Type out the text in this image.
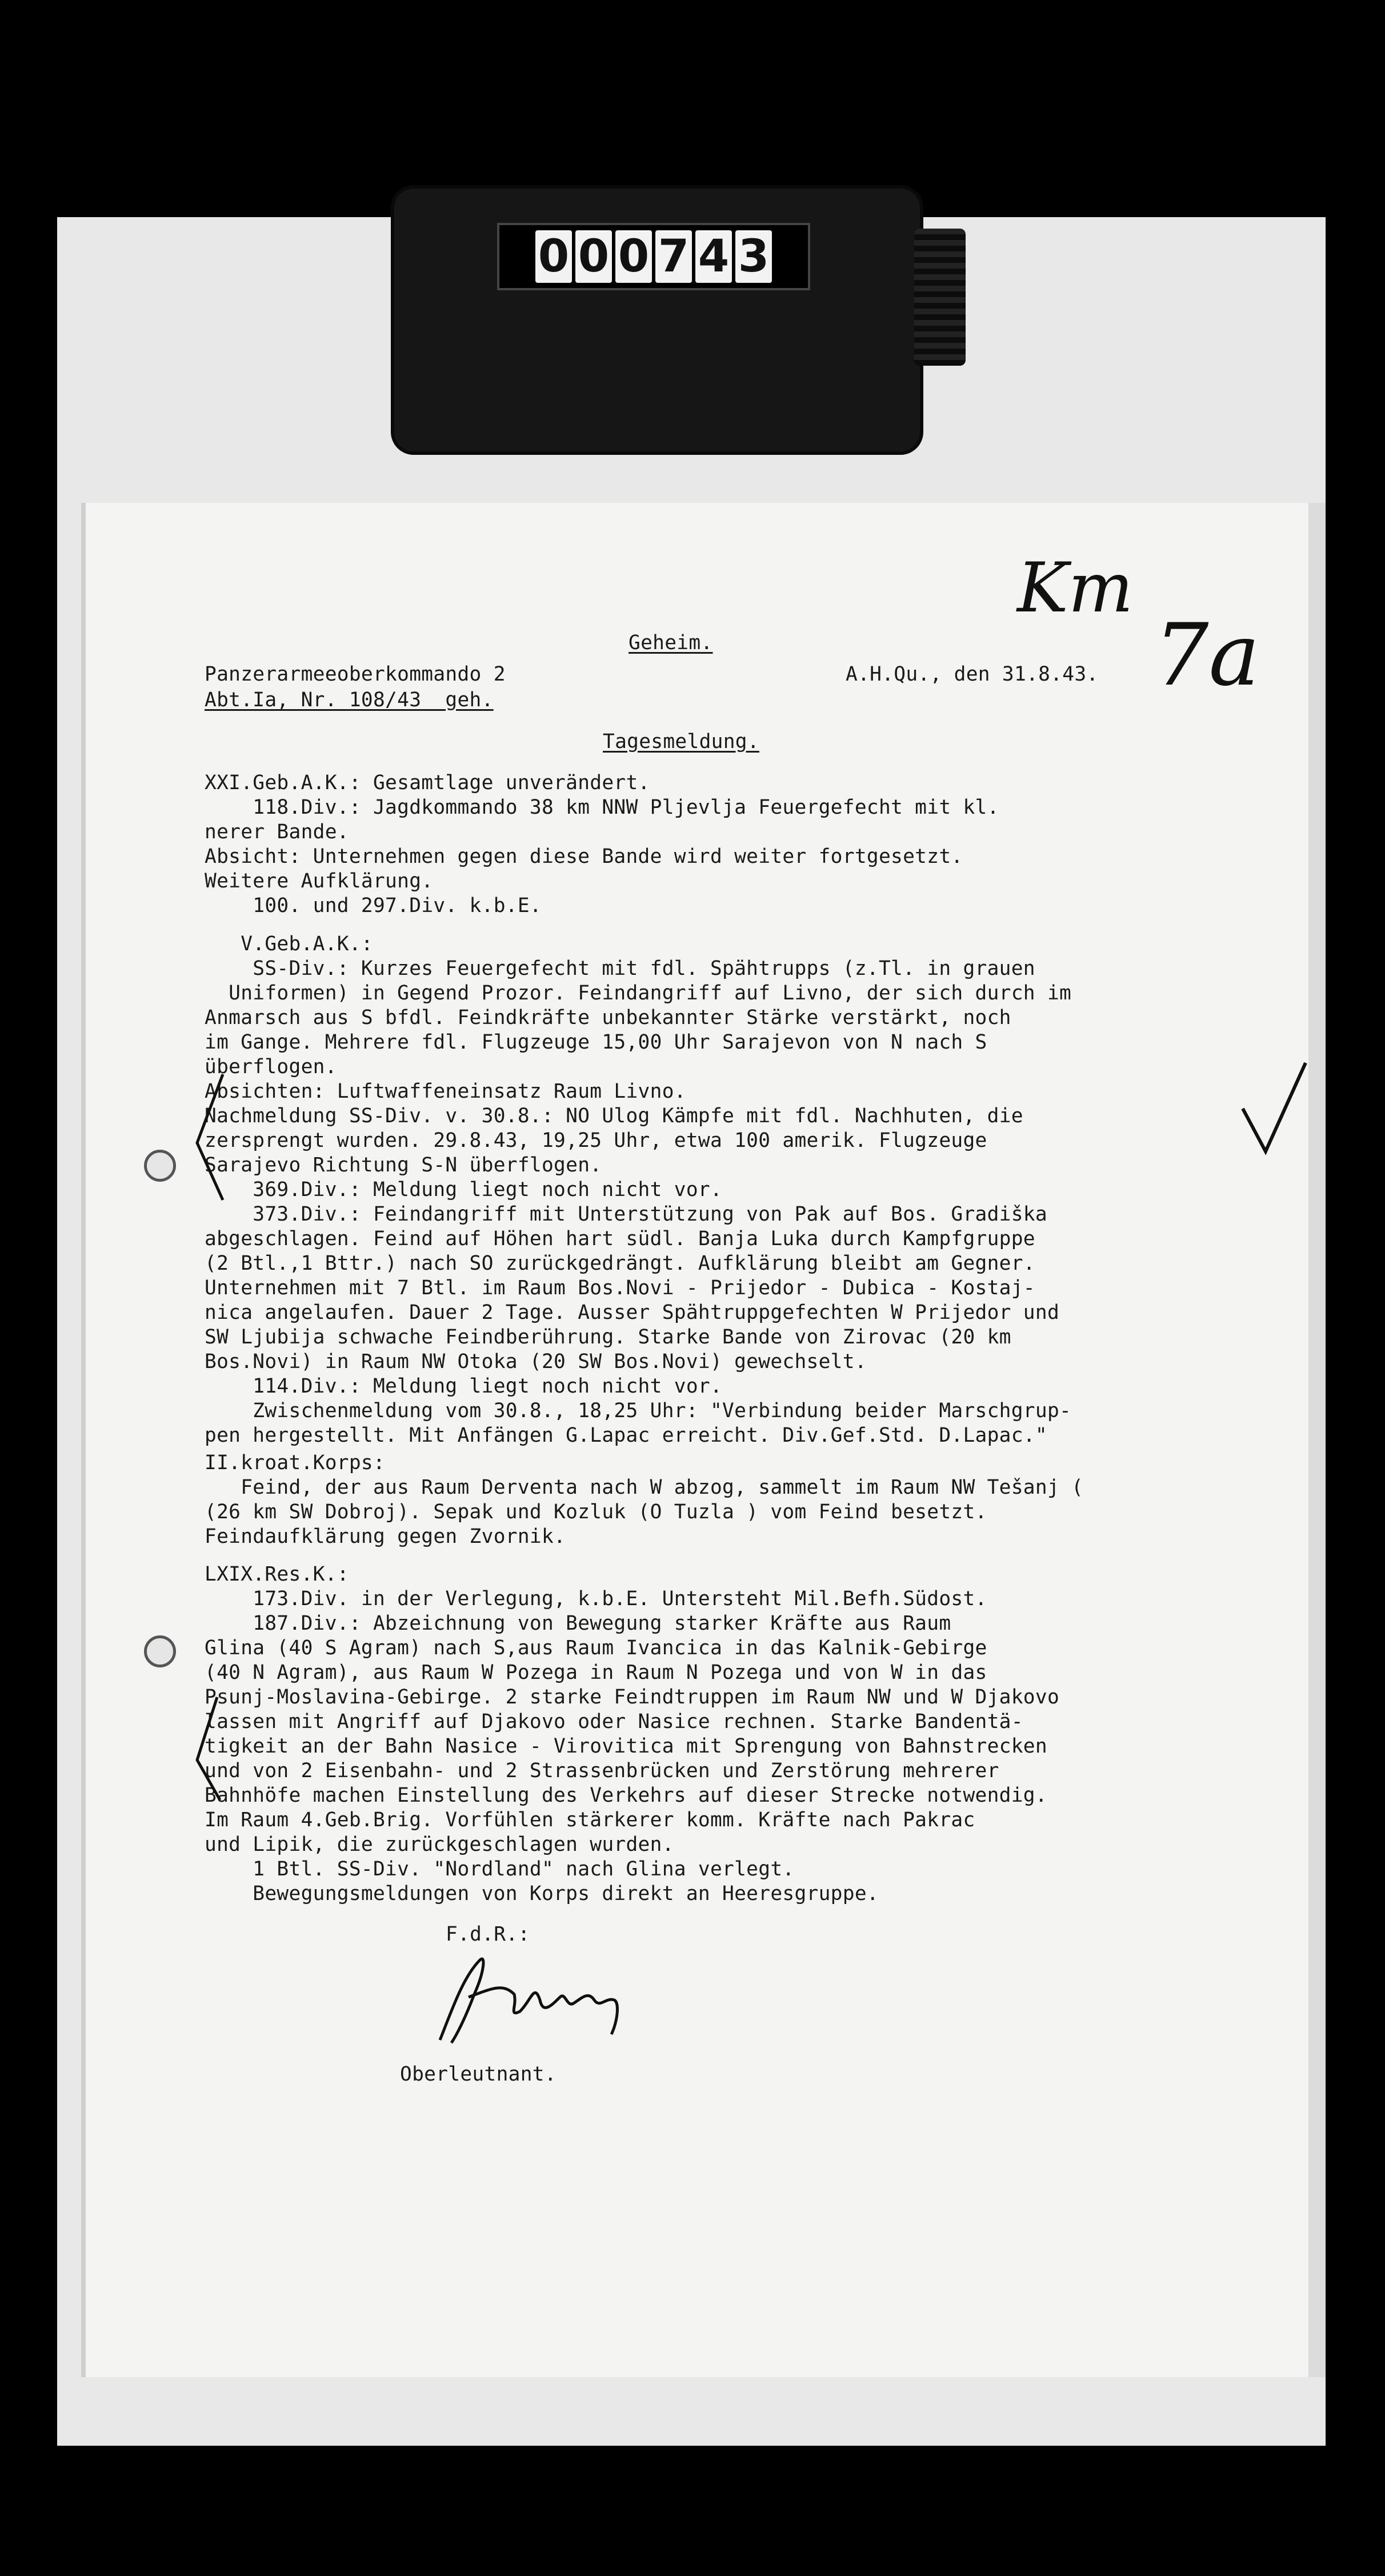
0 0 0 7 4 3
Geheim.
Panzerarmeeoberkommando 2
Abt.Ia, Nr. 108/43  geh.
A.H.Qu., den 31.8.43.
Tagesmeldung.
Km
7a
XXI.Geb.A.K.: Gesamtlage unverändert.
118.Div.: Jagdkommando 38 km NNW Pljevlja Feuergefecht mit kl.
nerer Bande.
Absicht: Unternehmen gegen diese Bande wird weiter fortgesetzt.
Weitere Aufklärung.
100. und 297.Div. k.b.E.
V.Geb.A.K.:
SS-Div.: Kurzes Feuergefecht mit fdl. Spähtrupps (z.Tl. in grauen
Uniformen) in Gegend Prozor. Feindangriff auf Livno, der sich durch im
Anmarsch aus S bfdl. Feindkräfte unbekannter Stärke verstärkt, noch
im Gange. Mehrere fdl. Flugzeuge 15,00 Uhr Sarajevon von N nach S
überflogen.
Absichten: Luftwaffeneinsatz Raum Livno.
Nachmeldung SS-Div. v. 30.8.: NO Ulog Kämpfe mit fdl. Nachhuten, die
zersprengt wurden. 29.8.43, 19,25 Uhr, etwa 100 amerik. Flugzeuge
Sarajevo Richtung S-N überflogen.
369.Div.: Meldung liegt noch nicht vor.
373.Div.: Feindangriff mit Unterstützung von Pak auf Bos. Gradiška
abgeschlagen. Feind auf Höhen hart südl. Banja Luka durch Kampfgruppe
(2 Btl.,1 Bttr.) nach SO zurückgedrängt. Aufklärung bleibt am Gegner.
Unternehmen mit 7 Btl. im Raum Bos.Novi - Prijedor - Dubica - Kostaj-
nica angelaufen. Dauer 2 Tage. Ausser Spähtruppgefechten W Prijedor und
SW Ljubija schwache Feindberührung. Starke Bande von Zirovac (20 km
Bos.Novi) in Raum NW Otoka (20 SW Bos.Novi) gewechselt.
114.Div.: Meldung liegt noch nicht vor.
Zwischenmeldung vom 30.8., 18,25 Uhr: "Verbindung beider Marschgrup-
pen hergestellt. Mit Anfängen G.Lapac erreicht. Div.Gef.Std. D.Lapac."
II.kroat.Korps:
Feind, der aus Raum Derventa nach W abzog, sammelt im Raum NW Tešanj (
(26 km SW Dobroj). Sepak und Kozluk (O Tuzla ) vom Feind besetzt.
Feindaufklärung gegen Zvornik.
LXIX.Res.K.:
173.Div. in der Verlegung, k.b.E. Untersteht Mil.Befh.Südost.
187.Div.: Abzeichnung von Bewegung starker Kräfte aus Raum
Glina (40 S Agram) nach S,aus Raum Ivancica in das Kalnik-Gebirge
(40 N Agram), aus Raum W Pozega in Raum N Pozega und von W in das
Psunj-Moslavina-Gebirge. 2 starke Feindtruppen im Raum NW und W Djakovo
lassen mit Angriff auf Djakovo oder Nasice rechnen. Starke Bandentä-
tigkeit an der Bahn Nasice - Virovitica mit Sprengung von Bahnstrecken
und von 2 Eisenbahn- und 2 Strassenbrücken und Zerstörung mehrerer
Bahnhöfe machen Einstellung des Verkehrs auf dieser Strecke notwendig.
Im Raum 4.Geb.Brig. Vorfühlen stärkerer komm. Kräfte nach Pakrac
und Lipik, die zurückgeschlagen wurden.
1 Btl. SS-Div. "Nordland" nach Glina verlegt.
Bewegungsmeldungen von Korps direkt an Heeresgruppe.
F.d.R.:
Oberleutnant.
